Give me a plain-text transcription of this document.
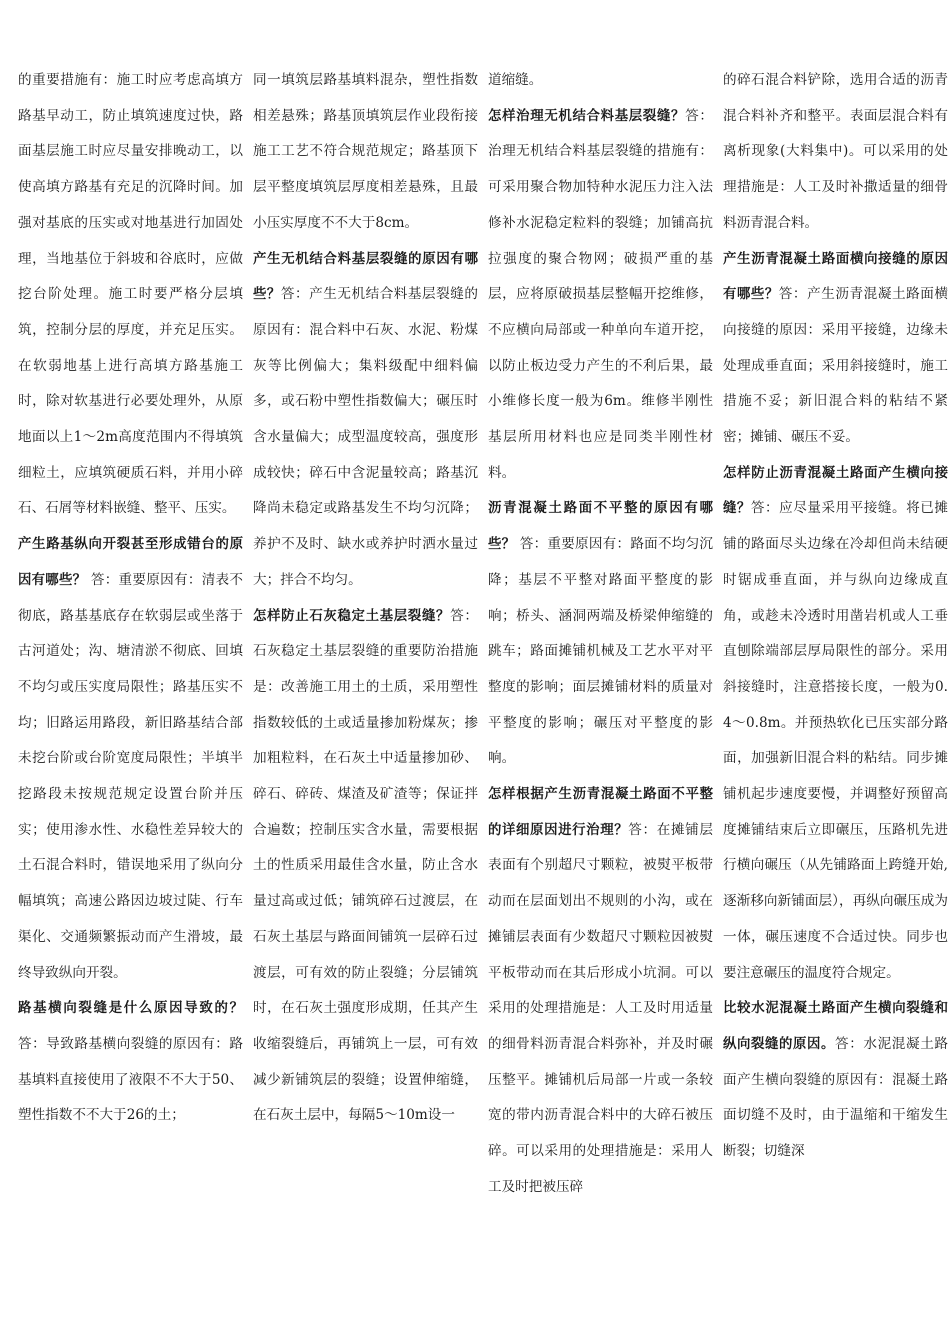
的重要措施有：施工时应考虑高填方路基早动工，防止填筑速度过快，路面基层施工时应尽量安排晚动工，以使高填方路基有充足的沉降时间。加强对基底的压实或对地基进行加固处理，当地基位于斜坡和谷底时，应做挖台阶处理。施工时要严格分层填筑，控制分层的厚度，并充足压实。在软弱地基上进行高填方路基施工时，除对软基进行必要处理外，从原地面以上1～2m高度范围内不得填筑细粒土，应填筑硬质石料，并用小碎石、石屑等材料嵌缝、整平、压实。

产生路基纵向开裂甚至形成错台的原因有哪些？ 答：重要原因有：清表不彻底，路基基底存在软弱层或坐落于古河道处；沟、塘清淤不彻底、回填不均匀或压实度局限性；路基压实不均；旧路运用路段，新旧路基结合部未挖台阶或台阶宽度局限性；半填半挖路段未按规范规定设置台阶并压实；使用渗水性、水稳性差异较大的土石混合料时，错误地采用了纵向分幅填筑；高速公路因边坡过陡、行车渠化、交通频繁振动而产生滑坡，最终导致纵向开裂。

路基横向裂缝是什么原因导致的？答：导致路基横向裂缝的原因有：路基填料直接使用了液限不不大于50、塑性指数不不大于26的土；

同一填筑层路基填料混杂，塑性指数相差悬殊；路基顶填筑层作业段衔接施工工艺不符合规范规定；路基顶下层平整度填筑层厚度相差悬殊，且最小压实厚度不不大于8cm。

产生无机结合料基层裂缝的原因有哪些？答：产生无机结合料基层裂缝的原因有：混合料中石灰、水泥、粉煤灰等比例偏大；集料级配中细料偏多，或石粉中塑性指数偏大；碾压时含水量偏大；成型温度较高，强度形成较快；碎石中含泥量较高；路基沉降尚未稳定或路基发生不均匀沉降；养护不及时、缺水或养护时洒水量过大；拌合不均匀。

怎样防止石灰稳定土基层裂缝？答：石灰稳定土基层裂缝的重要防治措施是：改善施工用土的土质，采用塑性指数较低的土或适量掺加粉煤灰；掺加粗粒料，在石灰土中适量掺加砂、碎石、碎砖、煤渣及矿渣等；保证拌合遍数；控制压实含水量，需要根据土的性质采用最佳含水量，防止含水量过高或过低；铺筑碎石过渡层，在石灰土基层与路面间铺筑一层碎石过渡层，可有效的防止裂缝；分层铺筑时，在石灰土强度形成期，任其产生收缩裂缝后，再铺筑上一层，可有效减少新铺筑层的裂缝；设置伸缩缝，在石灰土层中，每隔5～10m设一

道缩缝。

怎样治理无机结合料基层裂缝？答：治理无机结合料基层裂缝的措施有：可采用聚合物加特种水泥压力注入法修补水泥稳定粒料的裂缝；加铺高抗拉强度的聚合物网；破损严重的基层，应将原破损基层整幅开挖维修，不应横向局部或一种单向车道开挖，以防止板边受力产生的不利后果，最小维修长度一般为6m。维修半刚性基层所用材料也应是同类半刚性材料。

沥青混凝土路面不平整的原因有哪些？ 答：重要原因有：路面不均匀沉降；基层不平整对路面平整度的影响；桥头、涵洞两端及桥梁伸缩缝的跳车；路面摊铺机械及工艺水平对平整度的影响；面层摊铺材料的质量对平整度的影响；碾压对平整度的影响。

怎样根据产生沥青混凝土路面不平整的详细原因进行治理？答：在摊铺层表面有个别超尺寸颗粒，被熨平板带动而在层面划出不规则的小沟，或在摊铺层表面有少数超尺寸颗粒因被熨平板带动而在其后形成小坑洞。可以采用的处理措施是：人工及时用适量的细骨料沥青混合料弥补，并及时碾压整平。摊铺机后局部一片或一条较宽的带内沥青混合料中的大碎石被压碎。可以采用的处理措施是：采用人工及时把被压碎

的碎石混合料铲除，选用合适的沥青混合料补齐和整平。表面层混合料有离析现象(大料集中)。可以采用的处理措施是：人工及时补撒适量的细骨料沥青混合料。

产生沥青混凝土路面横向接缝的原因有哪些？答：产生沥青混凝土路面横向接缝的原因：采用平接缝，边缘未处理成垂直面；采用斜接缝时，施工措施不妥；新旧混合料的粘结不紧密；摊铺、碾压不妥。

怎样防止沥青混凝土路面产生横向接缝？答：应尽量采用平接缝。将已摊铺的路面尽头边缘在冷却但尚未结硬时锯成垂直面，并与纵向边缘成直角，或趁未冷透时用凿岩机或人工垂直刨除端部层厚局限性的部分。采用斜接缝时，注意搭接长度，一般为0.4～0.8m。并预热软化已压实部分路面，加强新旧混合料的粘结。同步摊铺机起步速度要慢，并调整好预留高度摊铺结束后立即碾压，压路机先进行横向碾压（从先铺路面上跨缝开始,逐渐移向新铺面层），再纵向碾压成为一体，碾压速度不合适过快。同步也要注意碾压的温度符合规定。

比较水泥混凝土路面产生横向裂缝和纵向裂缝的原因。答：水泥混凝土路面产生横向裂缝的原因有：混凝土路面切缝不及时，由于温缩和干缩发生断裂；切缝深
